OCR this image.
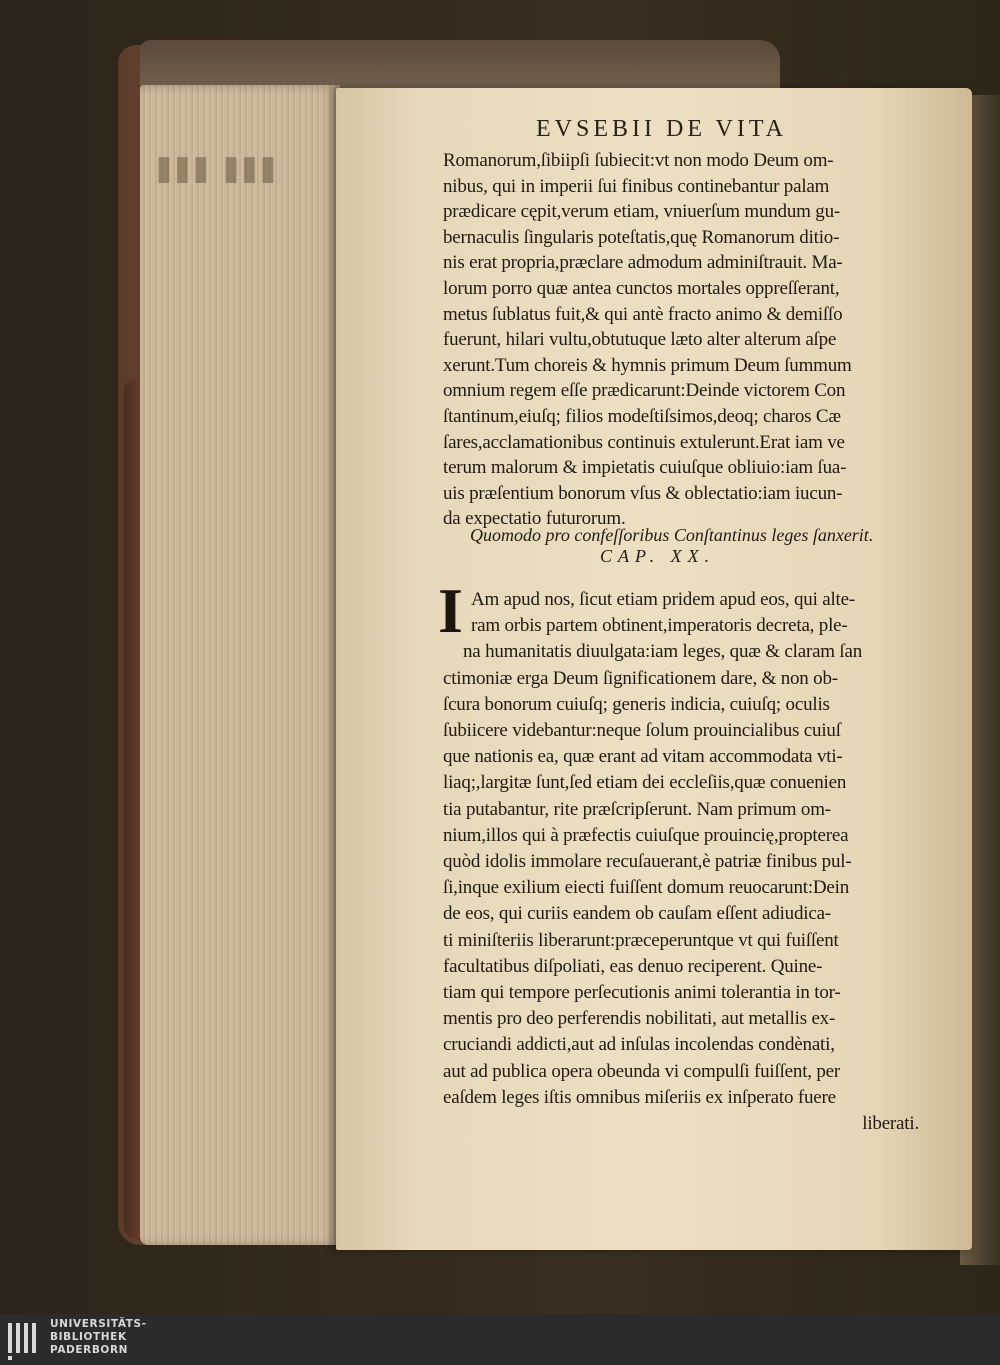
▮▮▮ ▮▮▮
EVSEBII DE VITA
Romanorum,ſibiipſi ſubiecit:vt non modo Deum om-
nibus, qui in imperii ſui finibus continebantur palam
prædicare cępit,verum etiam, vniuerſum mundum gu-
bernaculis ſingularis poteſtatis,quę Romanorum ditio-
nis erat propria,præclare admodum adminiſtrauit. Ma-
lorum porro quæ antea cunctos mortales oppreſſerant,
metus ſublatus fuit,& qui antè fracto animo & demiſſo
fuerunt, hilari vultu,obtutuque læto alter alterum aſpe
xerunt.Tum choreis & hymnis primum Deum ſummum
omnium regem eſſe prædicarunt:Deinde victorem Con
ſtantinum,eiuſq; filios modeſtiſsimos,deoq; charos Cæ
ſares,acclamationibus continuis extulerunt.Erat iam ve
terum malorum & impietatis cuiuſque obliuio:iam ſua-
uis præſentium bonorum vſus & oblectatio:iam iucun-
da expectatio futurorum.
Quomodo pro confeſſoribus Conſtantinus leges ſanxerit.
CAP. XX.
I Am apud nos, ſicut etiam pridem apud eos, qui alte-
ram orbis partem obtinent,imperatoris decreta, ple-
na humanitatis diuulgata:iam leges, quæ & claram ſan
ctimoniæ erga Deum ſignificationem dare, & non ob-
ſcura bonorum cuiuſq; generis indicia, cuiuſq; oculis
ſubiicere videbantur:neque ſolum prouincialibus cuiuſ
que nationis ea, quæ erant ad vitam accommodata vti-
liaq;,largitæ ſunt,ſed etiam dei eccleſiis,quæ conuenien
tia putabantur, rite præſcripſerunt. Nam primum om-
nium,illos qui à præfectis cuiuſque prouincię,propterea
quòd idolis immolare recuſauerant,è patriæ finibus pul-
ſi,inque exilium eiecti fuiſſent domum reuocarunt:Dein
de eos, qui curiis eandem ob cauſam eſſent adiudica-
ti miniſteriis liberarunt:præceperuntque vt qui fuiſſent
facultatibus diſpoliati, eas denuo reciperent. Quine-
tiam qui tempore perſecutionis animi tolerantia in tor-
mentis pro deo perferendis nobilitati, aut metallis ex-
cruciandi addicti,aut ad inſulas incolendas condènati,
aut ad publica opera obeunda vi compulſi fuiſſent, per
eaſdem leges iſtis omnibus miſeriis ex inſperato fuere
liberati.
UNIVERSITÄTS-
BIBLIOTHEK
PADERBORN
